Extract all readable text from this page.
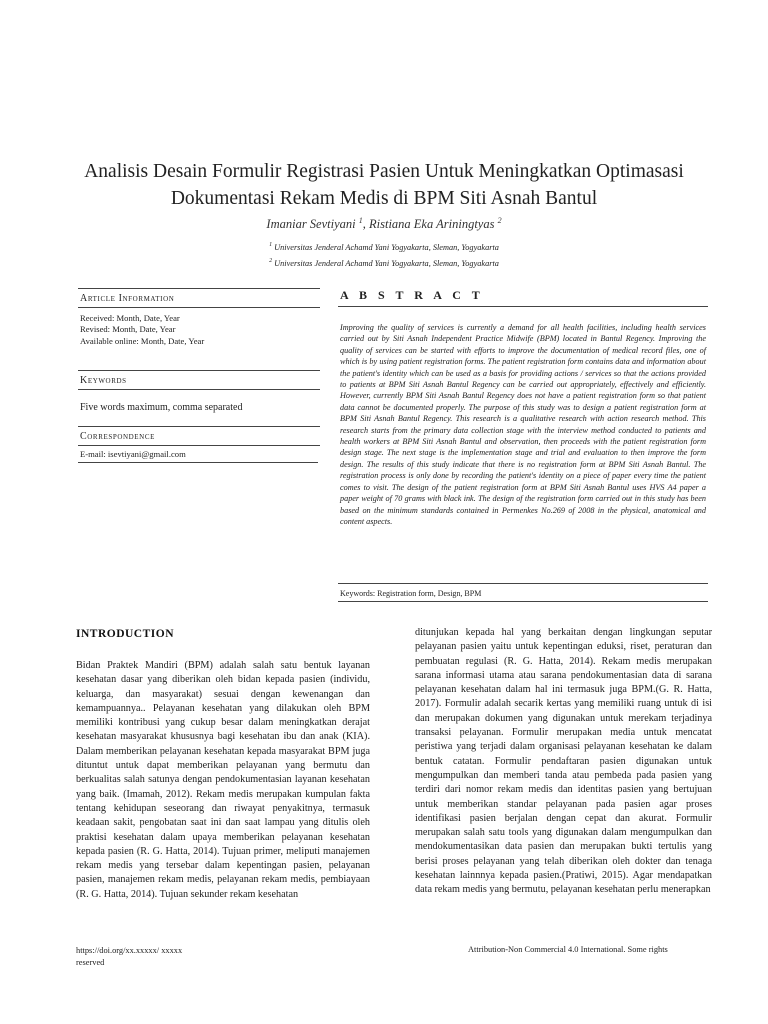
Analisis Desain Formulir Registrasi Pasien Untuk Meningkatkan Optimasasi
Dokumentasi Rekam Medis di BPM Siti Asnah Bantul
Imaniar Sevtiyani $^1$, Ristiana Eka Ariningtyas $^2$
$^1$ Universitas Jenderal Achamd Yani Yogyakarta, Sleman, Yogyakarta
$^2$ Universitas Jenderal Achamd Yani Yogyakarta, Sleman, Yogyakarta
Article Information
Received: Month, Date, Year
Revised: Month, Date, Year
Available online: Month, Date, Year
Keywords
Five words maximum, comma separated
Correspondence
E-mail: isevtiyani@gmail.com
A B S T R A C T
Improving the quality of services is currently a demand for all health facilities, including health services carried out by Siti Asnah Independent Practice Midwife (BPM) located in Bantul Regency. Improving the quality of services can be started with efforts to improve the documentation of medical record files, one of which is by using patient registration forms. The patient registration form contains data and information about the patient's identity which can be used as a basis for providing actions / services so that the actions provided to patients at BPM Siti Asnah Bantul Regency can be carried out appropriately, effectively and efficiently. However, currently BPM Siti Asnah Bantul Regency does not have a patient registration form so that patient data cannot be documented properly. The purpose of this study was to design a patient registration form at BPM Siti Asnah Bantul Regency. This research is a qualitative research with action research method. This research starts from the primary data collection stage with the interview method conducted to patients and health workers at BPM Siti Asnah Bantul and observation, then proceeds with the patient registration form design stage. The next stage is the implementation stage and trial and evaluation to then improve the form design. The results of this study indicate that there is no registration form at BPM Siti Asnah Bantul. The registration process is only done by recording the patient's identity on a piece of paper every time the patient comes to visit. The design of the patient registration form at BPM Siti Asnah Bantul uses HVS A4 paper a paper weight of 70 grams with black ink. The design of the registration form carried out in this study has been based on the minimum standards contained in Permenkes No.269 of 2008 in the physical, anatomical and content aspects.
Keywords: Registration form, Design, BPM
INTRODUCTION
Bidan Praktek Mandiri (BPM) adalah salah satu bentuk layanan kesehatan dasar yang diberikan oleh bidan kepada pasien (individu, keluarga, dan masyarakat) sesuai dengan kewenangan dan kemampuannya.. Pelayanan kesehatan yang dilakukan oleh BPM memiliki kontribusi yang cukup besar dalam meningkatkan derajat kesehatan masyarakat khususnya bagi kesehatan ibu dan anak (KIA). Dalam memberikan pelayanan kesehatan kepada masyarakat BPM juga dituntut untuk dapat memberikan pelayanan yang bermutu dan berkualitas salah satunya dengan pendokumentasian layanan kesehatan yang baik. (Imamah, 2012). Rekam medis merupakan kumpulan fakta tentang kehidupan seseorang dan riwayat penyakitnya, termasuk keadaan sakit, pengobatan saat ini dan saat lampau yang ditulis oleh praktisi kesehatan dalam upaya memberikan pelayanan kesehatan kepada pasien (R. G. Hatta, 2014). Tujuan primer, meliputi manajemen rekam medis yang tersebar dalam kepentingan pasien, pelayanan pasien, manajemen rekam medis, pelayanan rekam medis, pembiayaan (R. G. Hatta, 2014). Tujuan sekunder rekam kesehatan
ditunjukan kepada hal yang berkaitan dengan lingkungan seputar pelayanan pasien yaitu untuk kepentingan eduksi, riset, peraturan dan pembuatan regulasi (R. G. Hatta, 2014). Rekam medis merupakan sarana informasi utama atau sarana pendokumentasian data di sarana pelayanan kesehatan dalam hal ini termasuk juga BPM.(G. R. Hatta, 2017). Formulir adalah secarik kertas yang memiliki ruang untuk di isi dan merupakan dokumen yang digunakan untuk merekam terjadinya transaksi pelayanan. Formulir merupakan media untuk mencatat peristiwa yang terjadi dalam organisasi pelayanan kesehatan ke dalam bentuk catatan. Formulir pendaftaran pasien digunakan untuk mengumpulkan dan memberi tanda atau pembeda pada pasien yang terdiri dari nomor rekam medis dan identitas pasien yang bertujuan untuk memberikan standar pelayanan pada pasien agar proses identifikasi pasien berjalan dengan cepat dan akurat. Formulir merupakan salah satu tools yang digunakan dalam mengumpulkan dan mendokumentasikan data pasien dan merupakan bukti tertulis yang berisi proses pelayanan yang telah diberikan oleh dokter dan tenaga kesehatan lainnnya kepada pasien.(Pratiwi, 2015). Agar mendapatkan data rekam medis yang bermutu, pelayanan kesehatan perlu menerapkan
https://doi.org/xx.xxxxx/ xxxxx
reserved
Attribution-Non Commercial 4.0 International. Some rights
